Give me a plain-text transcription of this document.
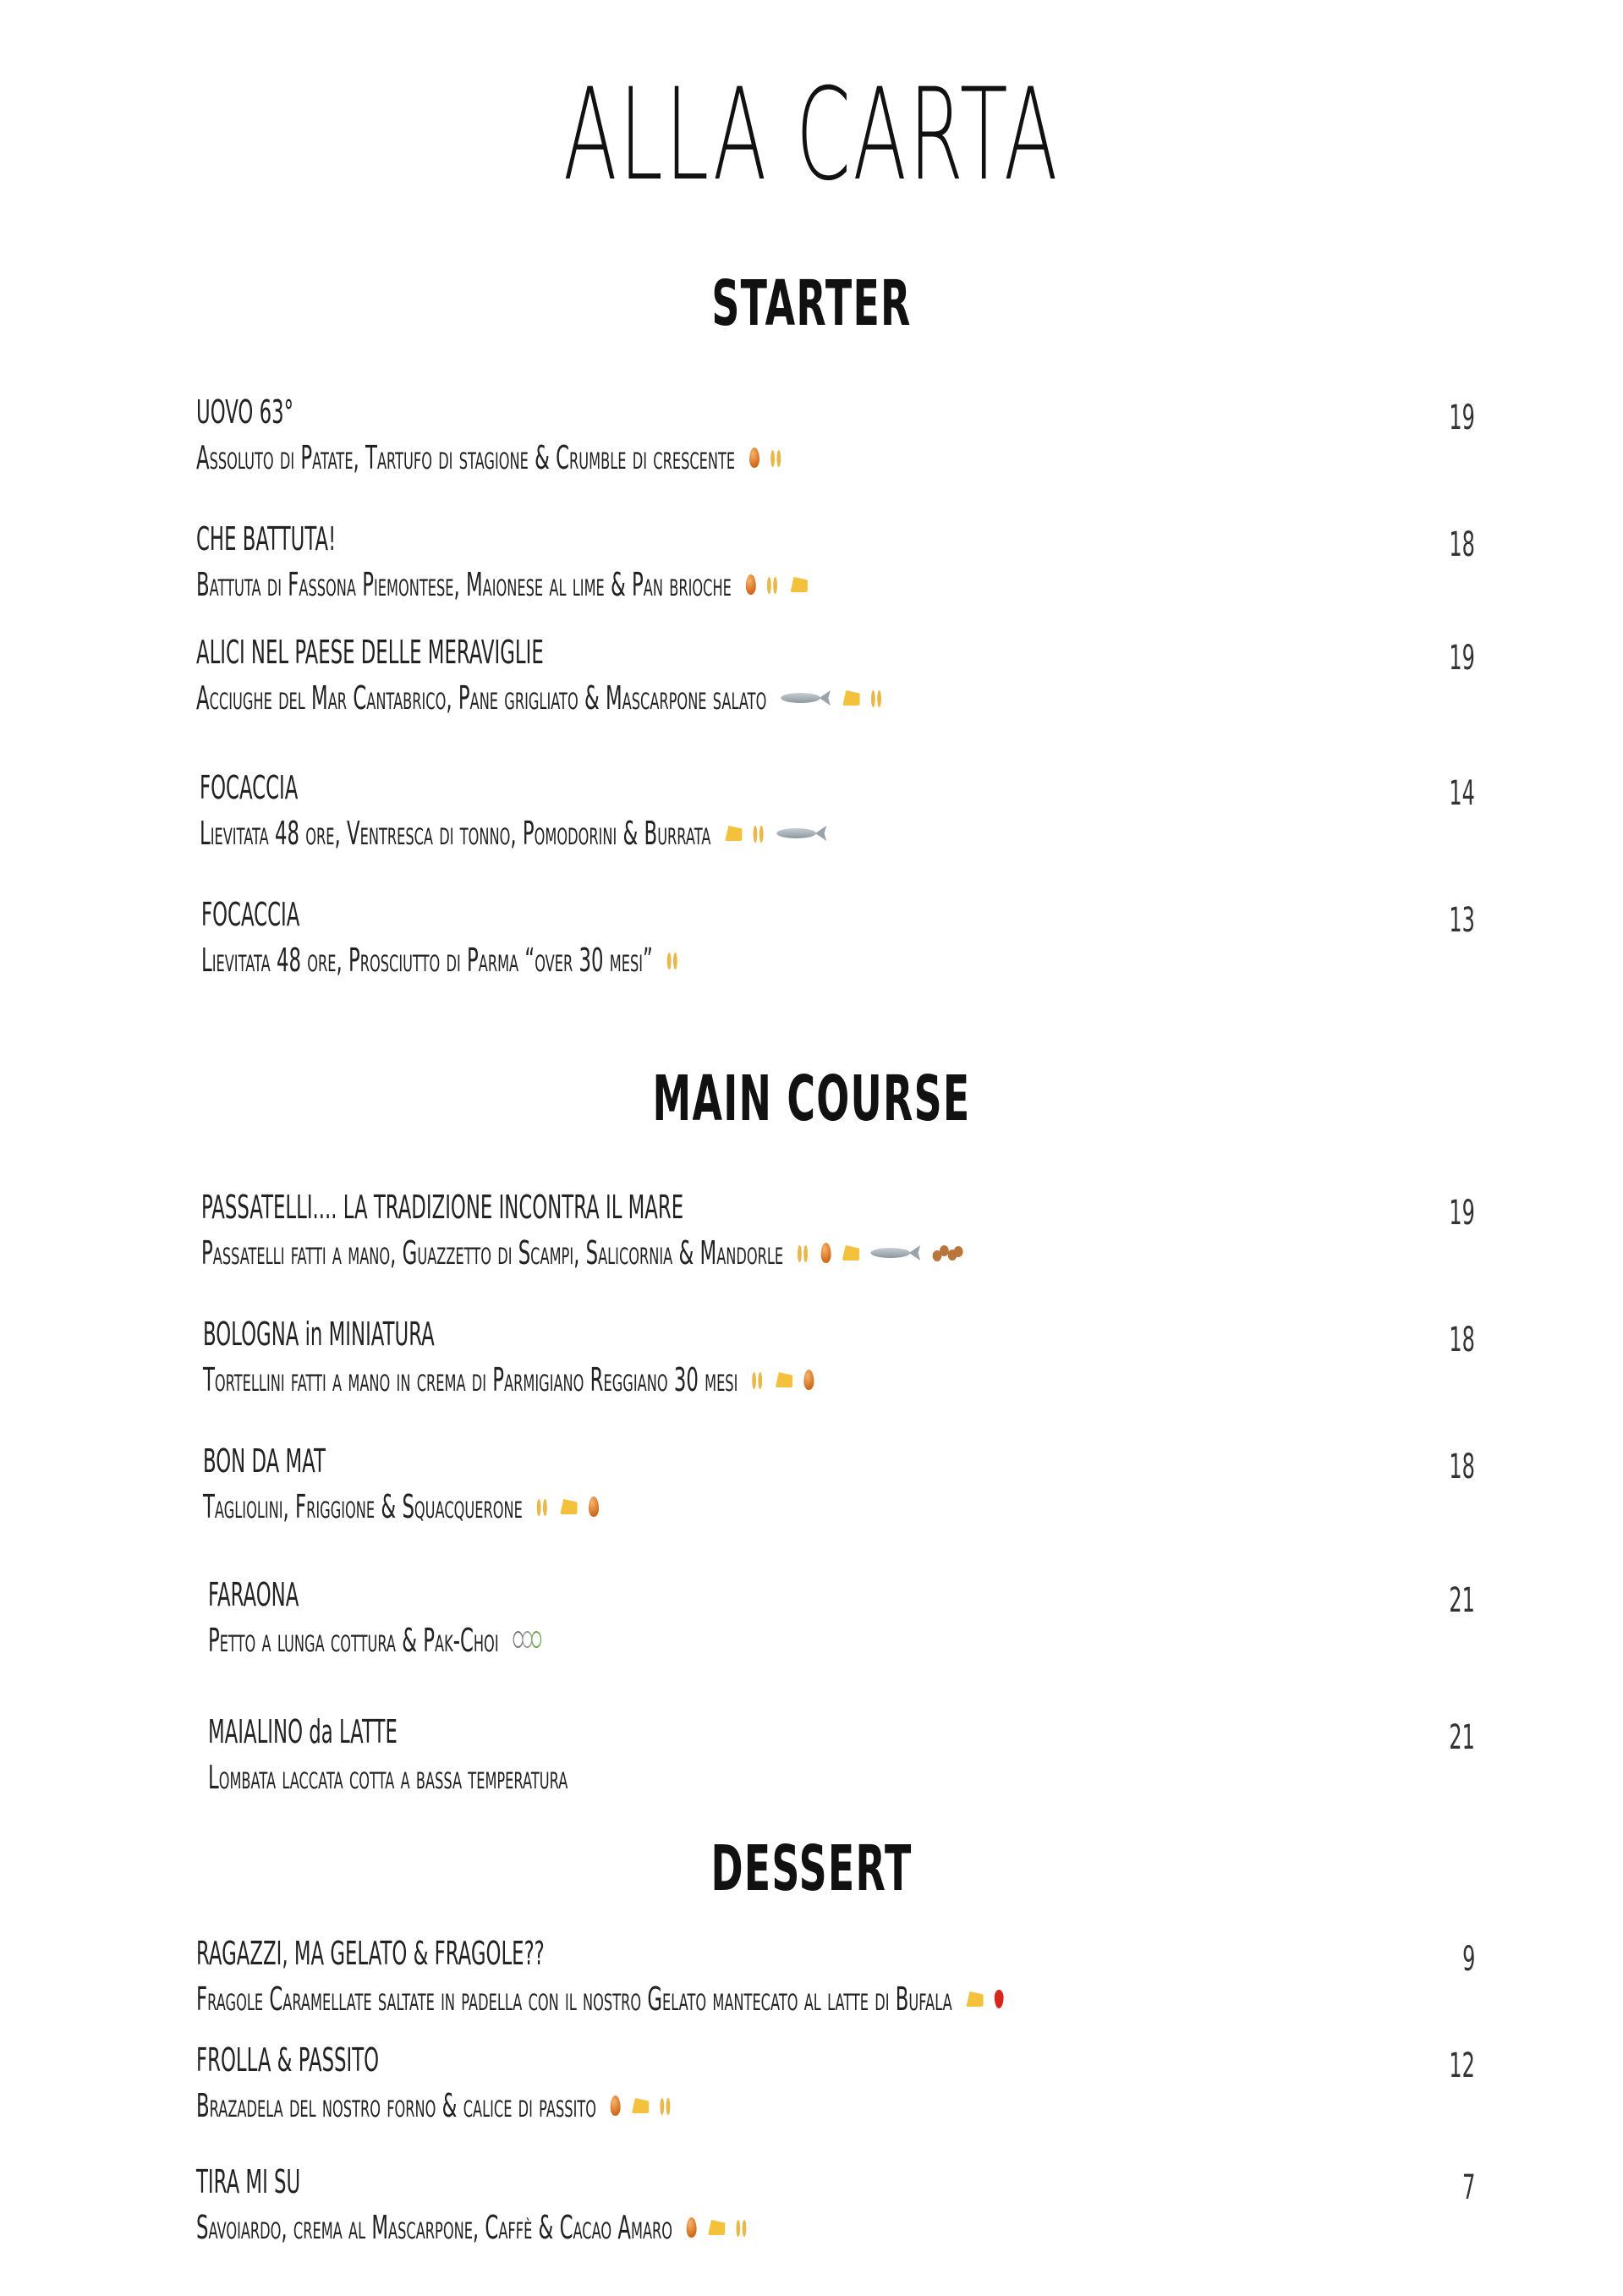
ALLA CARTA
STARTER
UOVO 63°
Assoluto di Patate, Tartufo di stagione & Crumble di crescente
19
CHE BATTUTA!
Battuta di Fassona Piemontese, Maionese al lime & Pan brioche
18
ALICI NEL PAESE DELLE MERAVIGLIE
Acciughe del Mar Cantabrico, Pane grigliato & Mascarpone salato
19
FOCACCIA
Lievitata 48 ore, Ventresca di tonno, Pomodorini & Burrata
14
FOCACCIA
Lievitata 48 ore, Prosciutto di Parma “over 30 mesi”
13
MAIN COURSE
PASSATELLI.... LA TRADIZIONE INCONTRA IL MARE
Passatelli fatti a mano, Guazzetto di Scampi, Salicornia & Mandorle
19
BOLOGNA in MINIATURA
Tortellini fatti a mano in crema di Parmigiano Reggiano 30 mesi
18
BON DA MAT
Tagliolini, Friggione & Squacquerone
18
FARAONA
Petto a lunga cottura & Pak-Choi
21
MAIALINO da LATTE
Lombata laccata cotta a bassa temperatura
21
DESSERT
RAGAZZI, MA GELATO & FRAGOLE??
Fragole Caramellate saltate in padella con il nostro Gelato mantecato al latte di Bufala
9
FROLLA & PASSITO
Brazadela del nostro forno & calice di passito
12
TIRA MI SU
Savoiardo, crema al Mascarpone, Caffè & Cacao Amaro
7
